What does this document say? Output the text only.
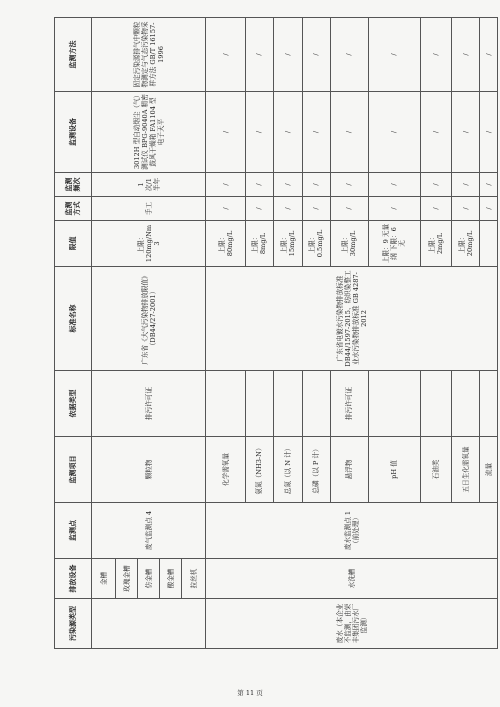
污染源类型	排放设备	监测点	监测项目	依据类型	标准名称	限值	监测方式	监测频次	监测设备	监测方法
	金槽	废气监测点 4	颗粒物	排污许可证	广东省《大气污染物排放限值》（DB44/27-2001）	上限：120mg/Nm 3	手工	1 次/1 半年	3012H 型自动烟尘（气）测试仪 BPG-9040A 精密鼓风干燥箱 FA1104 型 电子天平	固定污染源排气中颗粒物测定与气态污染物采样方法 GB/T 16157-1996
	玫瑰金槽									
	仿金槽									
	酸金槽									
	拉丝机									
废水（本企业不监测，由荣丰集团污水厂监测）	水洗槽	废水监测点 1（前处理）	化学需氧量		广东省电镀水污染物排放标准 DB44/1597-2015、纺织染整工业水污染物排放标准 GB 4287-2012	上限：80mg/L	/	/	/	/
			氨氮（NH3-N）			上限：8mg/L	/	/	/	/
			总氮（以 N 计）			上限：15mg/L	/	/	/	/
			总磷（以 P 计）			上限：0.5mg/L	/	/	/	/
			悬浮物	排污许可证		上限：30mg/L	/	/	/	/
			pH 值			上限：9 无量纲 下限：6 无	/	/	/	/
			石油类			上限：2mg/L	/	/	/	/
			五日生化需氧量			上限：20mg/L	/	/	/	/
			流量				/	/	/	/
第 11 页
